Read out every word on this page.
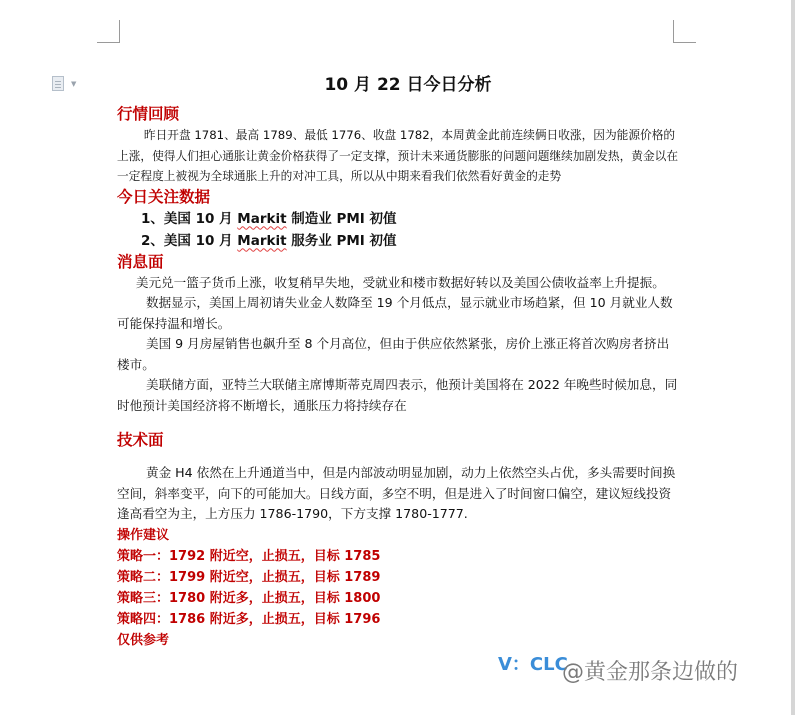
▼	10 月 22 日今日分析
行情回顾

昨日开盘 1781、最高 1789、最低 1776、收盘 1782，本周黄金此前连续俩日收涨，因为能源价格的上涨，使得人们担心通胀让黄金价格获得了一定支撑，预计未来通货膨胀的问题问题继续加剧发热，黄金以在一定程度上被视为全球通胀上升的对冲工具，所以从中期来看我们依然看好黄金的走势

今日关注数据
1、美国 10 月 Markit 制造业 PMI 初值
2、美国 10 月 Markit 服务业 PMI 初值
消息面

美元兑一篮子货币上涨，收复稍早失地，受就业和楼市数据好转以及美国公债收益率上升提振。

数据显示，美国上周初请失业金人数降至 19 个月低点，显示就业市场趋紧，但 10 月就业人数可能保持温和增长。

美国 9 月房屋销售也飙升至 8 个月高位，但由于供应依然紧张，房价上涨正将首次购房者挤出楼市。

美联储方面，亚特兰大联储主席博斯蒂克周四表示，他预计美国将在 2022 年晚些时候加息，同时他预计美国经济将不断增长，通胀压力将持续存在

技术面

黄金 H4 依然在上升通道当中，但是内部波动明显加剧，动力上依然空头占优，多头需要时间换空间，斜率变平，向下的可能加大。日线方面，多空不明，但是进入了时间窗口偏空，建议短线投资逢高看空为主，上方压力 1786-1790，下方支撑 1780-1777.

操作建议
策略一：1792 附近空，止损五，目标 1785
策略二：1799 附近空，止损五，目标 1789
策略三：1780 附近多，止损五，目标 1800
策略四：1786 附近多，止损五，目标 1796
仅供参考
V：CLC
@黄金那条边做的
